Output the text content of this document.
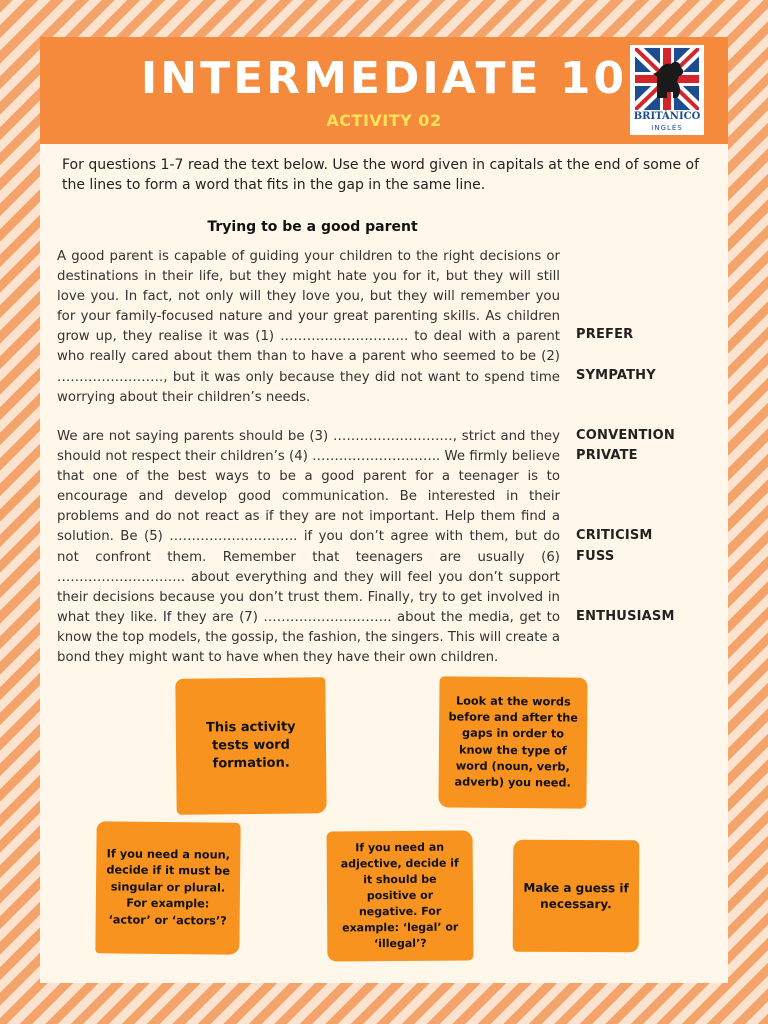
INTERMEDIATE 10
ACTIVITY 02	BRITÁNICO
INGLÉS
For questions 1-7 read the text below. Use the word given in capitals at the end of some of the lines to form a word that fits in the gap in the same line.
Trying to be a good parent
A good parent is capable of guiding your children to the right decisions or destinations in their life, but they might hate you for it, but they will still love you. In fact, not only will they love you, but they will remember you for your family-focused nature and your great parenting skills. As children grow up, they realise it was (1) ……………………….. to deal with a parent who really cared about them than to have a parent who seemed to be (2) ……………………, but it was only because they did not want to spend time worrying about their children’s needs.
We are not saying parents should be (3) ………………………, strict and they should not respect their children’s (4) ……………………….. We firmly believe that one of the best ways to be a good parent for a teenager is to encourage and develop good communication. Be interested in their problems and do not react as if they are not important. Help them find a solution. Be (5) ……………………….. if you don’t agree with them, but do not confront them. Remember that teenagers are usually (6) ……………………….. about everything and they will feel you don’t support their decisions because you don’t trust them. Finally, try to get involved in what they like. If they are (7) ……………………….. about the media, get to know the top models, the gossip, the fashion, the singers. This will create a bond they might want to have when they have their own children.
PREFER
SYMPATHY
CONVENTION
PRIVATE
CRITICISM
FUSS
ENTHUSIASM
This activity tests word formation.
Look at the words before and after the gaps in order to know the type of word (noun, verb, adverb) you need.
If you need a noun, decide if it must be singular or plural. For example: ‘actor’ or ‘actors’?
If you need an adjective, decide if it should be positive or negative. For example: ‘legal’ or ‘illegal’?
Make a guess if necessary.
